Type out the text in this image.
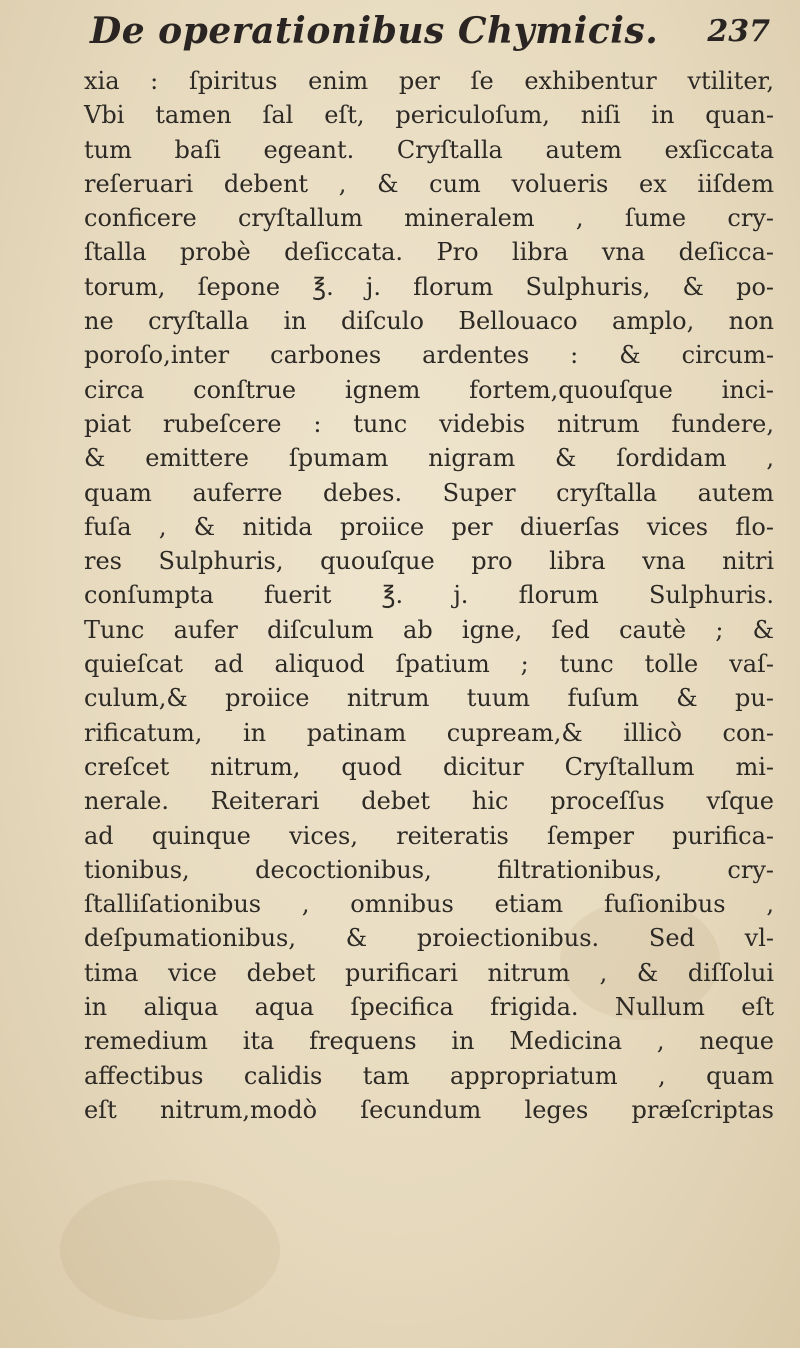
De operationibus Chymicis. 237
xia : ſpiritus enim per ſe exhibentur vtiliter,
Vbi tamen ſal eſt, periculoſum, niſi in quan-
tum baſi egeant. Cryſtalla autem exſiccata
reſeruari debent , & cum volueris ex iiſdem
conficere cryſtallum mineralem , ſume cry-
ſtalla probè deſiccata. Pro libra vna deſicca-
torum, ſepone ℥. j. florum Sulphuris, & po-
ne cryſtalla in diſculo Bellouaco amplo, non
poroſo,inter carbones ardentes : & circum-
circa conſtrue ignem fortem,quouſque inci-
piat rubeſcere : tunc videbis nitrum fundere,
& emittere ſpumam nigram & ſordidam ,
quam auferre debes. Super cryſtalla autem
fuſa , & nitida proiice per diuerſas vices flo-
res Sulphuris, quouſque pro libra vna nitri
conſumpta fuerit ℥. j. florum Sulphuris.
Tunc aufer diſculum ab igne, ſed cautè ; &
quieſcat ad aliquod ſpatium ; tunc tolle vaſ-
culum,& proiice nitrum tuum fuſum & pu-
rificatum, in patinam cupream,& illicò con-
creſcet nitrum, quod dicitur Cryſtallum mi-
nerale. Reiterari debet hic proceſſus vſque
ad quinque vices, reiteratis ſemper purifica-
tionibus, decoctionibus, filtrationibus, cry-
ſtalliſationibus , omnibus etiam fuſionibus ,
deſpumationibus, & proiectionibus. Sed vl-
tima vice debet purificari nitrum , & diſſolui
in aliqua aqua ſpecifica frigida. Nullum eſt
remedium ita frequens in Medicina , neque
affectibus calidis tam appropriatum , quam
eſt nitrum,modò ſecundum leges præſcriptas
